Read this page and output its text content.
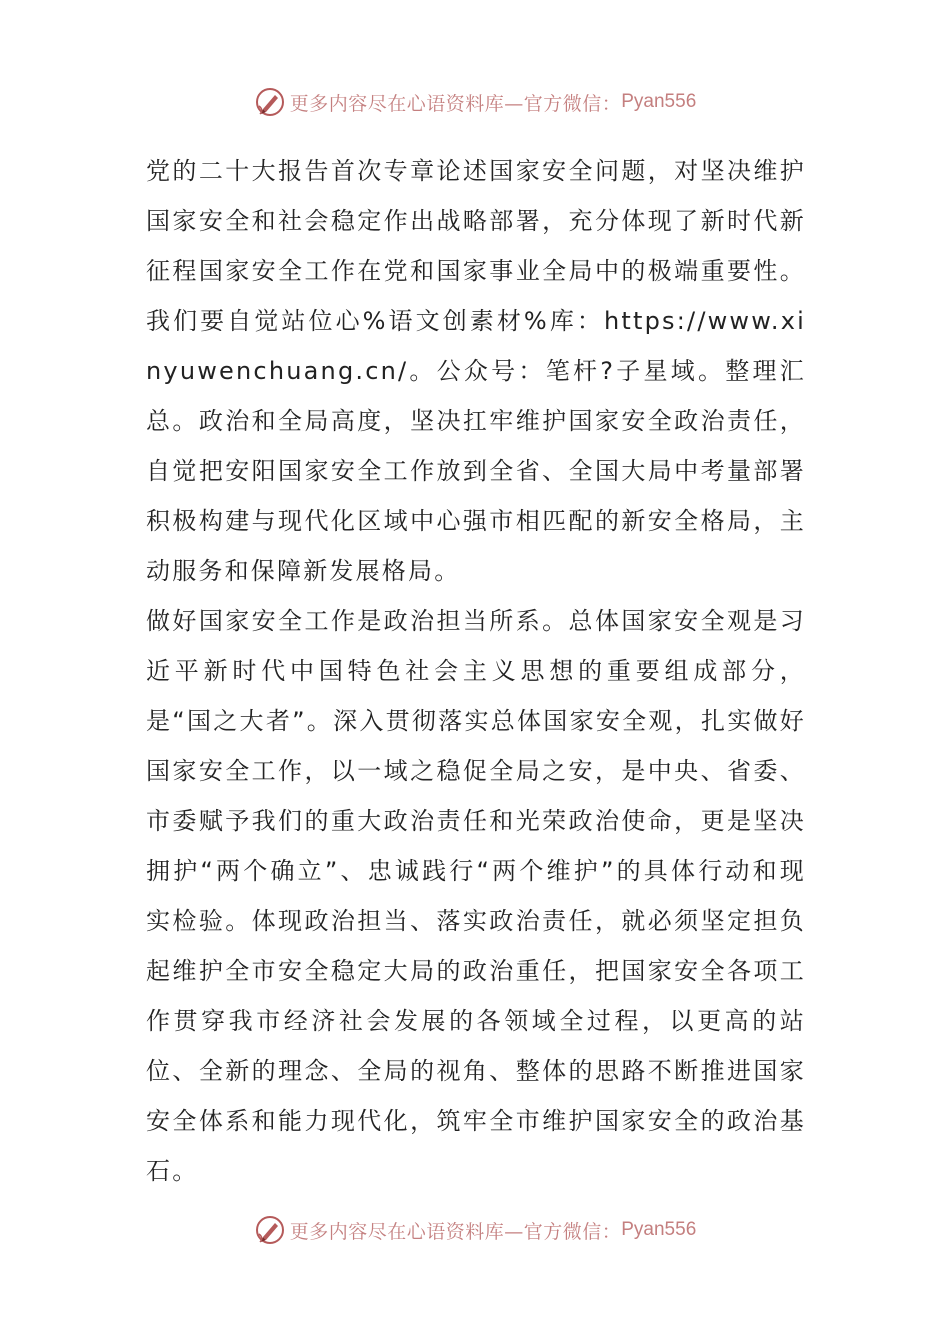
更多内容尽在心语资料库—官方微信： Pyan556

党的二十大报告首次专章论述国家安全问题，对坚决维护国家安全和社会稳定作出战略部署，充分体现了新时代新征程国家安全工作在党和国家事业全局中的极端重要性。我们要自觉站位心%语文创素材%库：https://www.xinyuwenchuang.cn/。公众号：笔杆?子星域。整理汇总。政治和全局高度，坚决扛牢维护国家安全政治责任，自觉把安阳国家安全工作放到全省、全国大局中考量部署积极构建与现代化区域中心强市相匹配的新安全格局，主动服务和保障新发展格局。

做好国家安全工作是政治担当所系。总体国家安全观是习近平新时代中国特色社会主义思想的重要组成部分，是“国之大者”。深入贯彻落实总体国家安全观，扎实做好国家安全工作，以一域之稳促全局之安，是中央、省委、市委赋予我们的重大政治责任和光荣政治使命，更是坚决拥护“两个确立”、忠诚践行“两个维护”的具体行动和现实检验。体现政治担当、落实政治责任，就必须坚定担负起维护全市安全稳定大局的政治重任，把国家安全各项工作贯穿我市经济社会发展的各领域全过程，以更高的站位、全新的理念、全局的视角、整体的思路不断推进国家安全体系和能力现代化，筑牢全市维护国家安全的政治基石。

更多内容尽在心语资料库—官方微信： Pyan556
